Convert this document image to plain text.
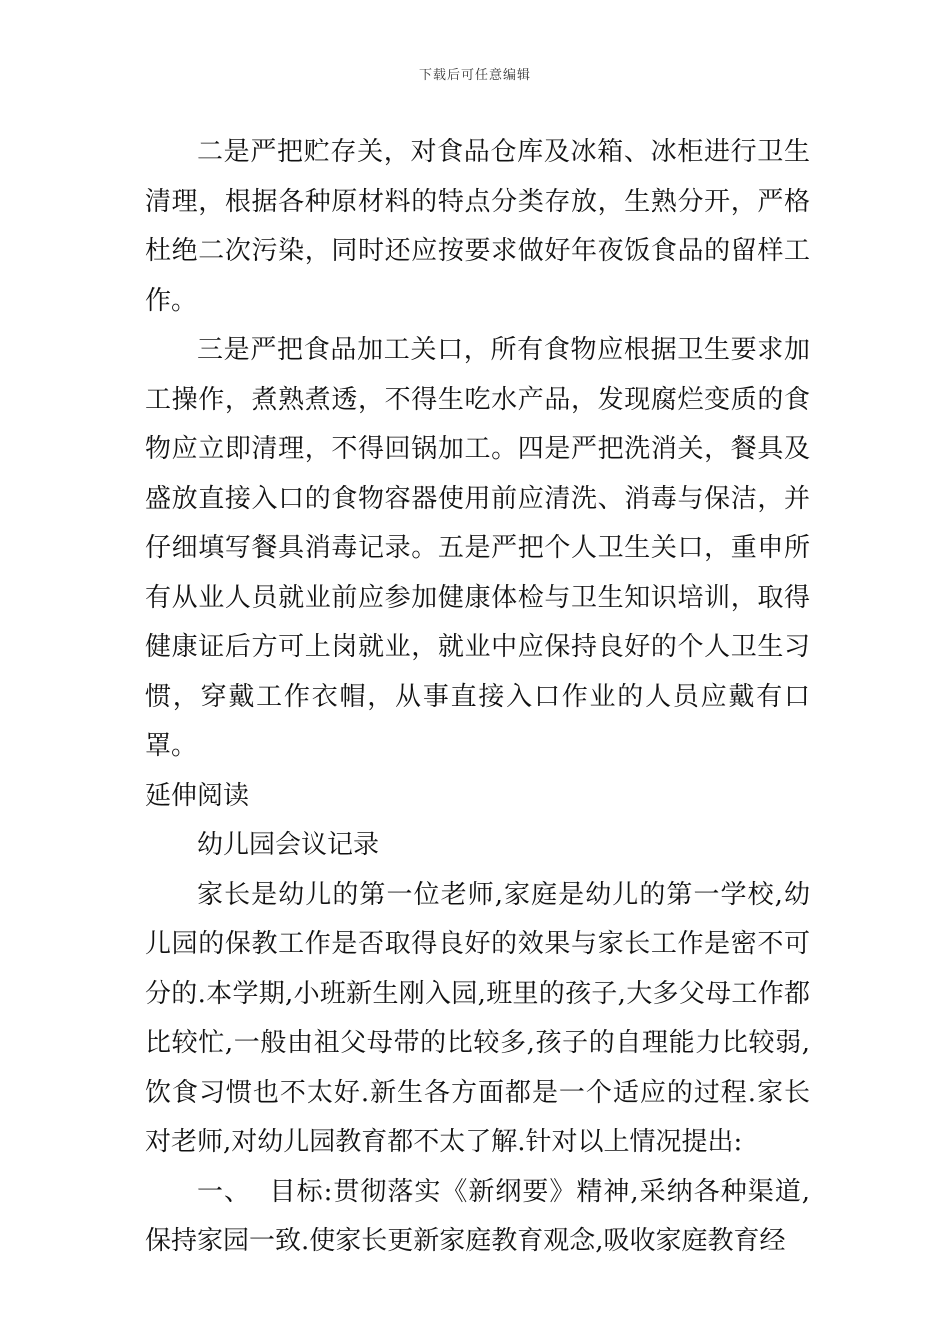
下载后可任意编辑

二是严把贮存关，对食品仓库及冰箱、冰柜进行卫生清理，根据各种原材料的特点分类存放，生熟分开，严格杜绝二次污染，同时还应按要求做好年夜饭食品的留样工作。

三是严把食品加工关口，所有食物应根据卫生要求加工操作，煮熟煮透，不得生吃水产品，发现腐烂变质的食物应立即清理，不得回锅加工。四是严把洗消关，餐具及盛放直接入口的食物容器使用前应清洗、消毒与保洁，并仔细填写餐具消毒记录。五是严把个人卫生关口，重申所有从业人员就业前应参加健康体检与卫生知识培训，取得健康证后方可上岗就业，就业中应保持良好的个人卫生习惯，穿戴工作衣帽，从事直接入口作业的人员应戴有口罩。

延伸阅读

幼儿园会议记录

家长是幼儿的第一位老师,家庭是幼儿的第一学校,幼儿园的保教工作是否取得良好的效果与家长工作是密不可分的.本学期,小班新生刚入园,班里的孩子,大多父母工作都比较忙,一般由祖父母带的比较多,孩子的自理能力比较弱,饮食习惯也不太好.新生各方面都是一个适应的过程.家长对老师,对幼儿园教育都不太了解.针对以上情况提出:

一、  目标:贯彻落实《新纲要》精神,采纳各种渠道,保持家园一致.使家长更新家庭教育观念,吸收家庭教育经
